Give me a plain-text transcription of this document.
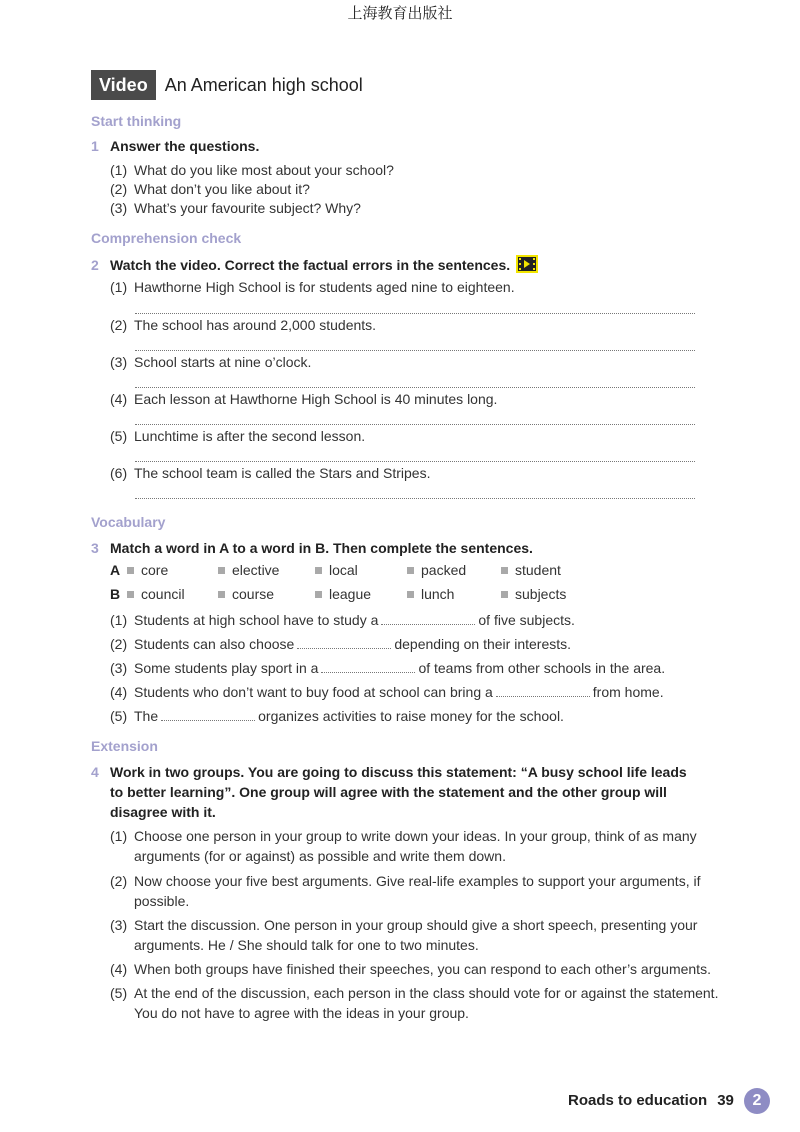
上海教育出版社
Video An American high school
Start thinking
1 Answer the questions.
(1) What do you like most about your school?
(2) What don’t you like about it?
(3) What’s your favourite subject? Why?
Comprehension check
2 Watch the video. Correct the factual errors in the sentences.
(1) Hawthorne High School is for students aged nine to eighteen.
(2) The school has around 2,000 students.
(3) School starts at nine o’clock.
(4) Each lesson at Hawthorne High School is 40 minutes long.
(5) Lunchtime is after the second lesson.
(6) The school team is called the Stars and Stripes.
Vocabulary
3 Match a word in A to a word in B. Then complete the sentences.
A	core	elective	local	packed	student
B	council	course	league	lunch	subjects
(1) Students at high school have to study a	of five subjects.
(2) Students can also choose	depending on their interests.
(3) Some students play sport in a	of teams from other schools in the area.
(4) Students who don’t want to buy food at school can bring a	from home.
(5) The	organizes activities to raise money for the school.
Extension
4 Work in two groups. You are going to discuss this statement: “A busy school life leads to better learning”. One group will agree with the statement and the other group will disagree with it.
(1) Choose one person in your group to write down your ideas. In your group, think of as many arguments (for or against) as possible and write them down.
(2) Now choose your five best arguments. Give real-life examples to support your arguments, if possible.
(3) Start the discussion. One person in your group should give a short speech, presenting your arguments. He / She should talk for one to two minutes.
(4) When both groups have finished their speeches, you can respond to each other’s arguments.
(5) At the end of the discussion, each person in the class should vote for or against the statement. You do not have to agree with the ideas in your group.
Roads to education 39	2
